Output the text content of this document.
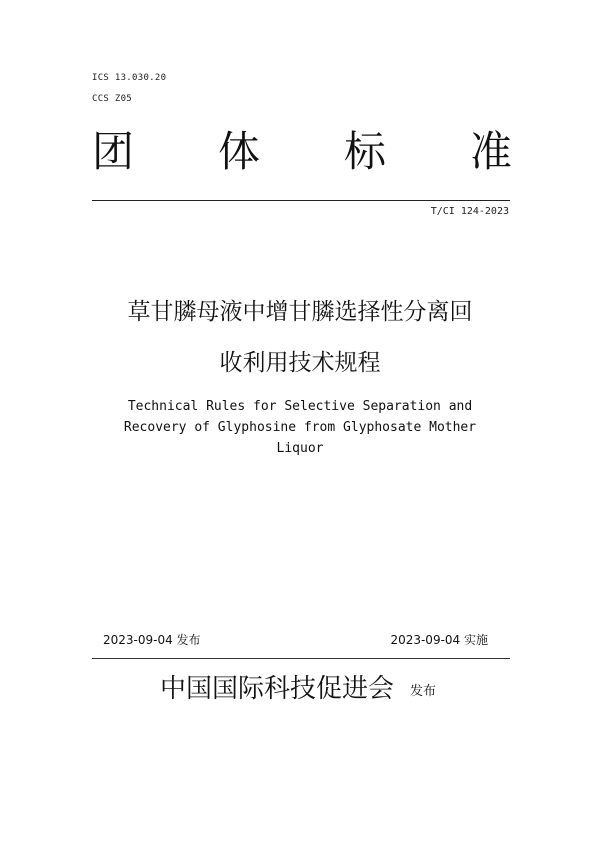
ICS 13.030.20
CCS Z05
团 体 标 准
T/CI 124-2023
草甘膦母液中增甘膦选择性分离回
收利用技术规程
Technical Rules for Selective Separation and
Recovery of Glyphosine from Glyphosate Mother
Liquor
2023-09-04 发布	2023-09-04 实施
中国国际科技促进会 发布
